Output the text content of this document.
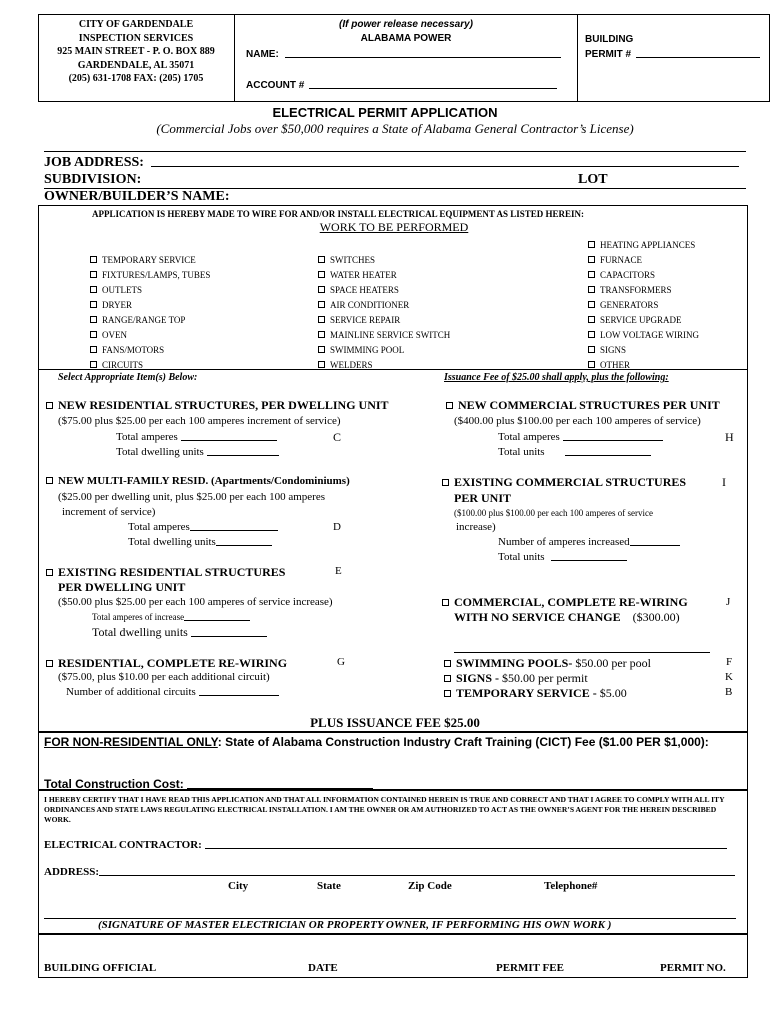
CITY OF GARDENDALE
INSPECTION SERVICES
925 MAIN STREET - P. O. BOX 889
GARDENDALE, AL 35071
(205) 631-1708 FAX: (205) 1705
(If power release necessary)
ALABAMA POWER
NAME:
ACCOUNT #
BUILDING
PERMIT #
ELECTRICAL PERMIT APPLICATION
(Commercial Jobs over $50,000 requires a State of Alabama General Contractor’s License)
JOB ADDRESS:
SUBDIVISION:	LOT
OWNER/BUILDER’S NAME:
APPLICATION IS HEREBY MADE TO WIRE FOR AND/OR INSTALL ELECTRICAL EQUIPMENT AS LISTED HEREIN:
WORK TO BE PERFORMED
TEMPORARY SERVICE
FIXTURES/LAMPS, TUBES
OUTLETS
DRYER
RANGE/RANGE TOP
OVEN
FANS/MOTORS
CIRCUITS
SWITCHES
WATER HEATER
SPACE HEATERS
AIR CONDITIONER
SERVICE REPAIR
MAINLINE SERVICE SWITCH
SWIMMING POOL
WELDERS
HEATING APPLIANCES
FURNACE
CAPACITORS
TRANSFORMERS
GENERATORS
SERVICE UPGRADE
LOW VOLTAGE WIRING
SIGNS
OTHER
Select Appropriate Item(s) Below:	Issuance Fee of $25.00 shall apply, plus the following:
NEW RESIDENTIAL STRUCTURES, PER DWELLING UNIT
($75.00 plus $25.00 per each 100 amperes increment of service)
Total amperes	C
Total dwelling units
NEW COMMERCIAL STRUCTURES PER UNIT
($400.00 plus $100.00 per each 100 amperes of service)
Total amperes	H
Total units
NEW MULTI-FAMILY RESID. (Apartments/Condominiums)
($25.00 per dwelling unit, plus $25.00 per each 100 amperes
increment of service)
Total amperes	D
Total dwelling units
EXISTING COMMERCIAL STRUCTURES	I
PER UNIT
($100.00 plus $100.00 per each 100 amperes of service
increase)
Number of amperes increased
Total units
EXISTING RESIDENTIAL STRUCTURES	E
PER DWELLING UNIT
($50.00 plus $25.00 per each 100 amperes of service increase)
Total amperes of increase
Total dwelling units
COMMERCIAL, COMPLETE RE-WIRING	J
WITH NO SERVICE CHANGE ($300.00)
RESIDENTIAL, COMPLETE RE-WIRING	G
($75.00, plus $10.00 per each additional circuit)
Number of additional circuits
SWIMMING POOLS- $50.00 per pool	F
SIGNS - $50.00 per permit	K
TEMPORARY SERVICE - $5.00	B
PLUS ISSUANCE FEE $25.00
FOR NON-RESIDENTIAL ONLY: State of Alabama Construction Industry Craft Training (CICT) Fee ($1.00 PER $1,000):
Total Construction Cost:
I HEREBY CERTIFY THAT I HAVE READ THIS APPLICATION AND THAT ALL INFORMATION CONTAINED HEREIN IS TRUE AND CORRECT AND THAT I AGREE TO COMPLY WITH ALL ITY ORDINANCES AND STATE LAWS REGULATING ELECTRICAL INSTALLATION. I AM THE OWNER OR AM AUTHORIZED TO ACT AS THE OWNER’S AGENT FOR THE HEREIN DESCRIBED WORK.
ELECTRICAL CONTRACTOR:
ADDRESS:
City	State	Zip Code	Telephone#
(SIGNATURE OF MASTER ELECTRICIAN OR PROPERTY OWNER, IF PERFORMING HIS OWN WORK )
BUILDING OFFICIAL	DATE	PERMIT FEE	PERMIT NO.
